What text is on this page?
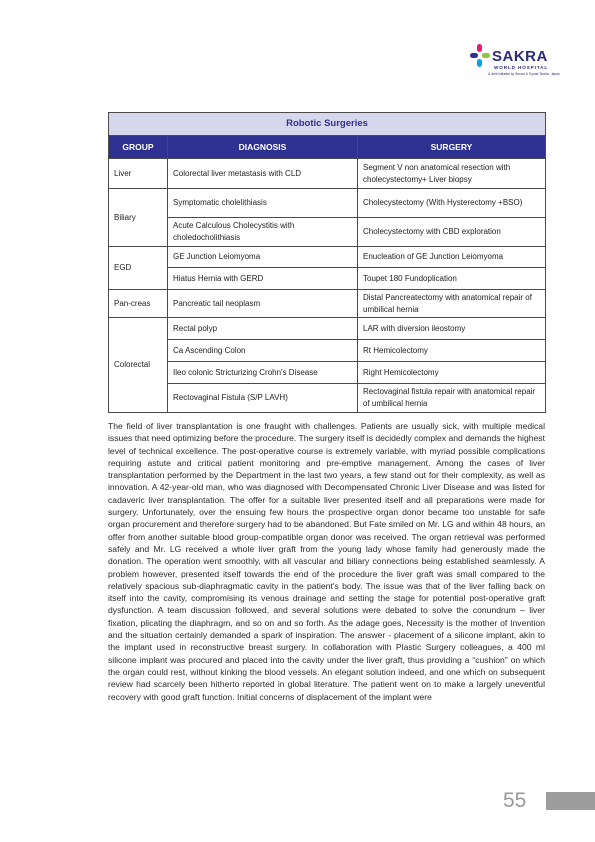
SAKRA
WORLD HOSPITAL
A Joint initiative by Secom & Toyota Tsusho, Japan
Robotic Surgeries		
GROUP	DIAGNOSIS	SURGERY
Liver	Colorectal liver metastasis with CLD	Segment V non anatomical resection with cholecystectomy+ Liver biopsy
Biliary	Symptomatic cholelithiasis	Cholecystectomy (With Hysterectomy +BSO)
	Acute Calculous Cholecystitis with choledocholithiasis	Cholecystectomy with CBD exploration
EGD	GE Junction Leiomyoma	Enucleation of GE Junction Leiomyoma
	Hiatus Hernia with GERD	Toupet 180 Fundoplication
Pan-creas	Pancreatic tail neoplasm	Distal Pancreatectomy with anatomical repair of umbilical hernia
Colorectal	Rectal polyp	LAR with diversion ileostomy
	Ca Ascending Colon	Rt Hemicolectomy
	Ileo colonic Stricturizing Crohn's Disease	Right Hemicolectomy
	Rectovaginal Fistula (S/P LAVH)	Rectovaginal fistula repair with anatomical repair of umbilical hernia

The field of liver transplantation is one fraught with challenges. Patients are usually sick, with multiple medical issues that need optimizing before the procedure. The surgery itself is decidedly complex and demands the highest level of technical excellence. The post-operative course is extremely variable, with myriad possible complications requiring astute and critical patient monitoring and pre-emptive management. Among the cases of liver transplantation performed by the Department in the last two years, a few stand out for their complexity, as well as innovation. A 42-year-old man, who was diagnosed with Decompensated Chronic Liver Disease and was listed for cadaveric liver transplantation. The offer for a suitable liver presented itself and all preparations were made for surgery. Unfortunately, over the ensuing few hours the prospective organ donor became too unstable for safe organ procurement and therefore surgery had to be abandoned. But Fate smiled on Mr. LG and within 48 hours, an offer from another suitable blood group-compatible organ donor was received. The organ retrieval was performed safely and Mr. LG received a whole liver graft from the young lady whose family had generously made the donation. The operation went smoothly, with all vascular and biliary connections being established seamlessly. A problem however, presented itself towards the end of the procedure the liver graft was small compared to the relatively spacious sub-diaphragmatic cavity in the patient's body. The issue was that of the liver falling back on itself into the cavity, compromising its venous drainage and setting the stage for potential post-operative graft dysfunction. A team discussion followed, and several solutions were debated to solve the conundrum – liver fixation, plicating the diaphragm, and so on and so forth. As the adage goes, Necessity is the mother of Invention and the situation certainly demanded a spark of inspiration. The answer - placement of a silicone implant, akin to the implant used in reconstructive breast surgery. In collaboration with Plastic Surgery colleagues, a 400 ml silicone implant was procured and placed into the cavity under the liver graft, thus providing a “cushion” on which the organ could rest, without kinking the blood vessels. An elegant solution indeed, and one which on subsequent review had scarcely been hitherto reported in global literature. The patient went on to make a largely uneventful recovery with good graft function. Initial concerns of displacement of the implant were

55
